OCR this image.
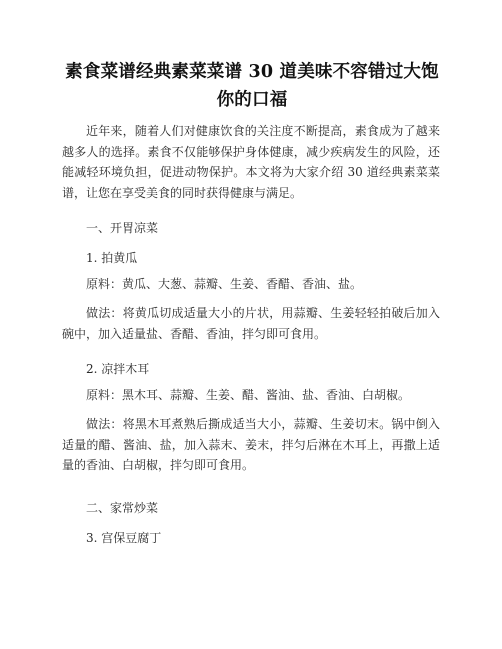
素食菜谱经典素菜菜谱 30 道美味不容错过大饱你的口福
近年来，随着人们对健康饮食的关注度不断提高，素食成为了越来越多人的选择。素食不仅能够保护身体健康，减少疾病发生的风险，还能减轻环境负担，促进动物保护。本文将为大家介绍 30 道经典素菜菜谱，让您在享受美食的同时获得健康与满足。
一、开胃凉菜
1. 拍黄瓜
原料：黄瓜、大葱、蒜瓣、生姜、香醋、香油、盐。
做法：将黄瓜切成适量大小的片状，用蒜瓣、生姜轻轻拍破后加入碗中，加入适量盐、香醋、香油，拌匀即可食用。
2. 凉拌木耳
原料：黑木耳、蒜瓣、生姜、醋、酱油、盐、香油、白胡椒。
做法：将黑木耳煮熟后撕成适当大小，蒜瓣、生姜切末。锅中倒入适量的醋、酱油、盐，加入蒜末、姜末，拌匀后淋在木耳上，再撒上适量的香油、白胡椒，拌匀即可食用。
二、家常炒菜
3. 宫保豆腐丁
